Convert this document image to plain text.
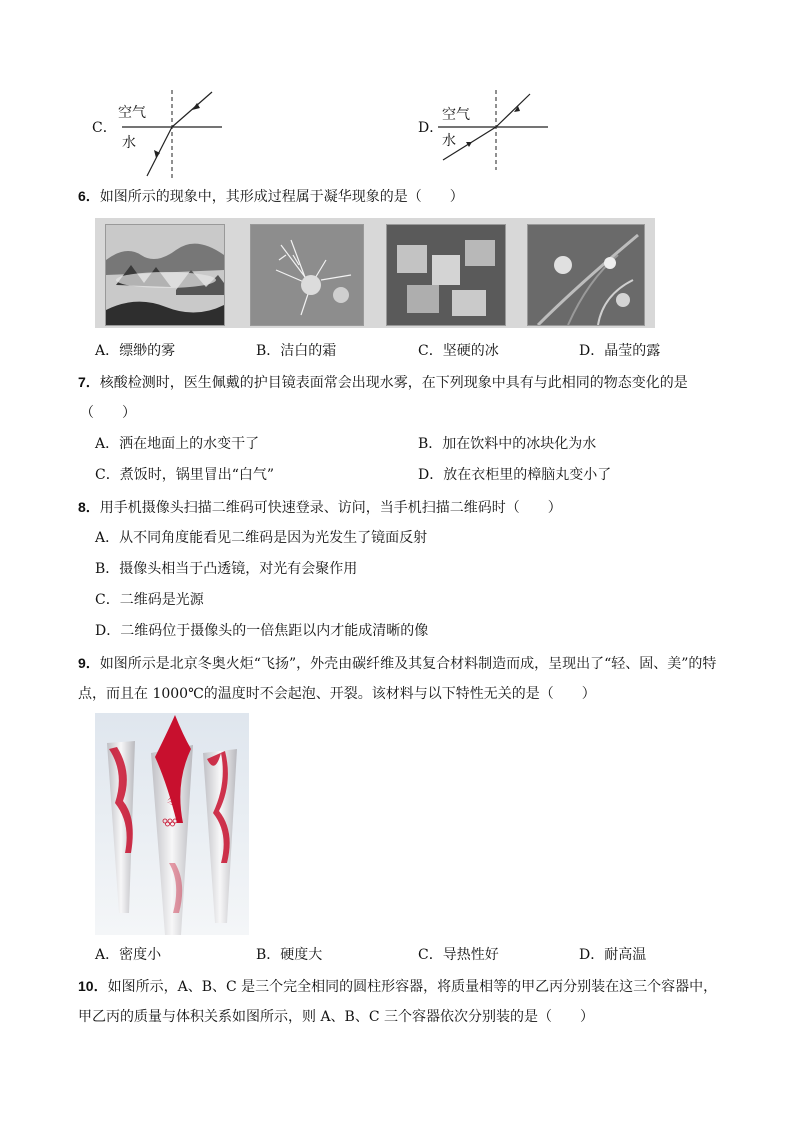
C．
空气
水
D．
空气
水
6．如图所示的现象中，其形成过程属于凝华现象的是（　　）
A．缥缈的雾	B．洁白的霜	C．坚硬的冰	D．晶莹的露
7．核酸检测时，医生佩戴的护目镜表面常会出现水雾，在下列现象中具有与此相同的物态变化的是
（　　）
A．洒在地面上的水变干了	B．加在饮料中的冰块化为水
C．煮饭时，锅里冒出“白气”	D．放在衣柜里的樟脑丸变小了
8．用手机摄像头扫描二维码可快速登录、访问，当手机扫描二维码时（　　）
A．从不同角度能看见二维码是因为光发生了镜面反射
B．摄像头相当于凸透镜，对光有会聚作用
C．二维码是光源
D．二维码位于摄像头的一倍焦距以内才能成清晰的像
9．如图所示是北京冬奥火炬“飞扬”，外壳由碳纤维及其复合材料制造而成，呈现出了“轻、固、美”的特
点，而且在 1000℃的温度时不会起泡、开裂。该材料与以下特性无关的是（　　）
冬
A．密度小	B．硬度大	C．导热性好	D．耐高温
10．如图所示，A、B、C 是三个完全相同的圆柱形容器，将质量相等的甲乙丙分别装在这三个容器中，
甲乙丙的质量与体积关系如图所示，则 A、B、C 三个容器依次分别装的是（　　）
